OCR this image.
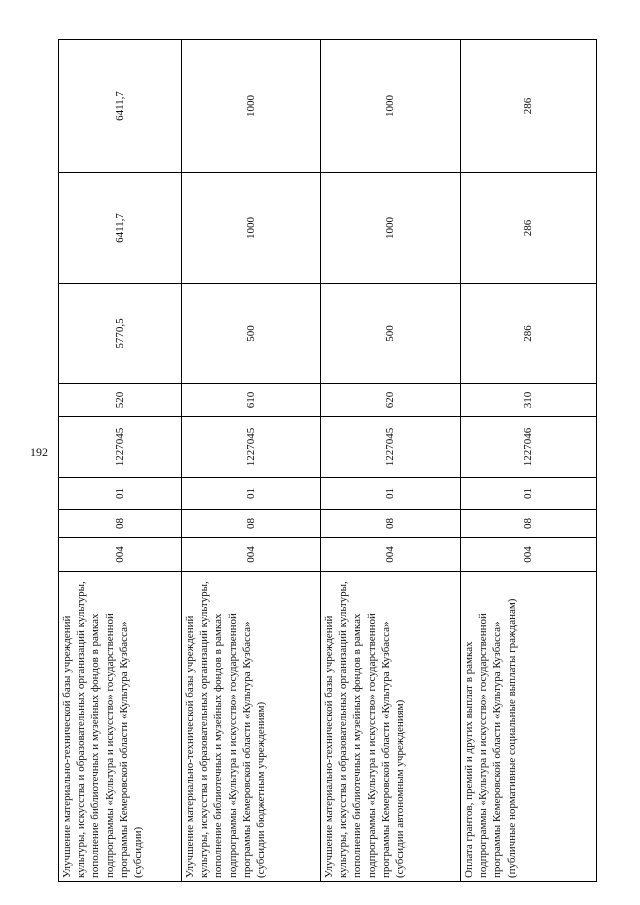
192
Улучшение материально-технической базы учреждений культуры, искусства и образовательных организаций культуры, пополнение библиотечных и музейных фондов в рамках подпрограммы «Культура и искусство» государственной программы Кемеровской области «Культура Кузбасса» (субсидии)	004	08	01	1227045	520	5770,5	6411,7	6411,7
Улучшение материально-технической базы учреждений культуры, искусства и образовательных организаций культуры, пополнение библиотечных и музейных фондов в рамках подпрограммы «Культура и искусство» государственной программы Кемеровской области «Культура Кузбасса» (субсидии бюджетным учреждениям)	004	08	01	1227045	610	500	1000	1000
Улучшение материально-технической базы учреждений культуры, искусства и образовательных организаций культуры, пополнение библиотечных и музейных фондов в рамках подпрограммы «Культура и искусство» государственной программы Кемеровской области «Культура Кузбасса» (субсидии автономным учреждениям)	004	08	01	1227045	620	500	1000	1000
Оплата грантов, премий и других выплат в рамках подпрограммы «Культура и искусство» государственной программы Кемеровской области «Культура Кузбасса» (публичные нормативные социальные выплаты гражданам)	004	08	01	1227046	310	286	286	286
